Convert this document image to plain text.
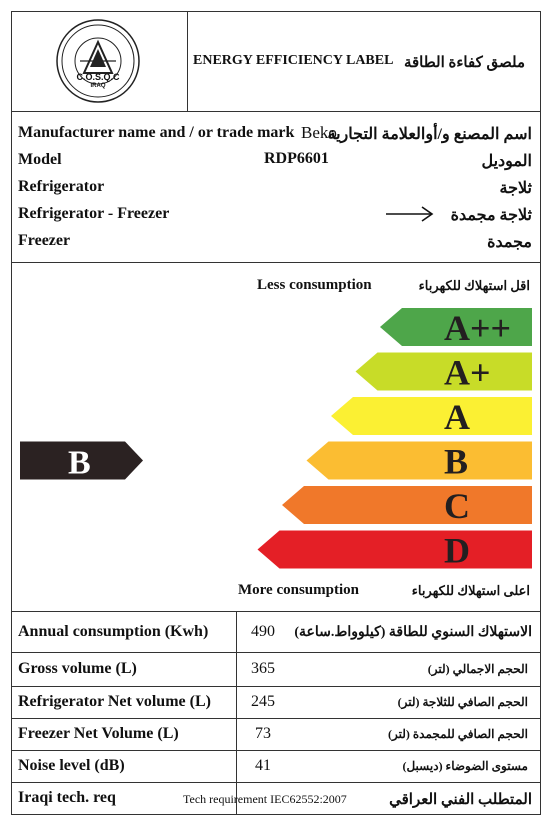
C.O.S.Q.C
IRAQ
ENERGY EFFICIENCY LABEL ملصق كفاءة الطاقة
Manufacturer name and / or trade mark Beko
اسم المصنع و/أوالعلامة التجارية
Model	RDP6601	الموديل
Refrigerator	ثلاجة
Refrigerator - Freezer	ثلاجة مجمدة
Freezer	مجمدة
Less consumption	اقل استهلاك للكهرباء
A++
A+
A
B
C
D
B
More consumption	اعلى استهلاك للكهرباء
Annual consumption (Kwh)	490 الاستهلاك السنوي للطاقة (كيلوواط.ساعة)
Gross volume (L)	365	الحجم الاجمالي (لتر)
Refrigerator Net volume (L)	245	الحجم الصافي للثلاجة (لتر)
Freezer Net Volume (L)	73	الحجم الصافي للمجمدة (لتر)
Noise level (dB)	41	مستوى الضوضاء (ديسبل)
Iraqi tech. req	Tech requirement IEC62552:2007	المتطلب الفني العراقي
